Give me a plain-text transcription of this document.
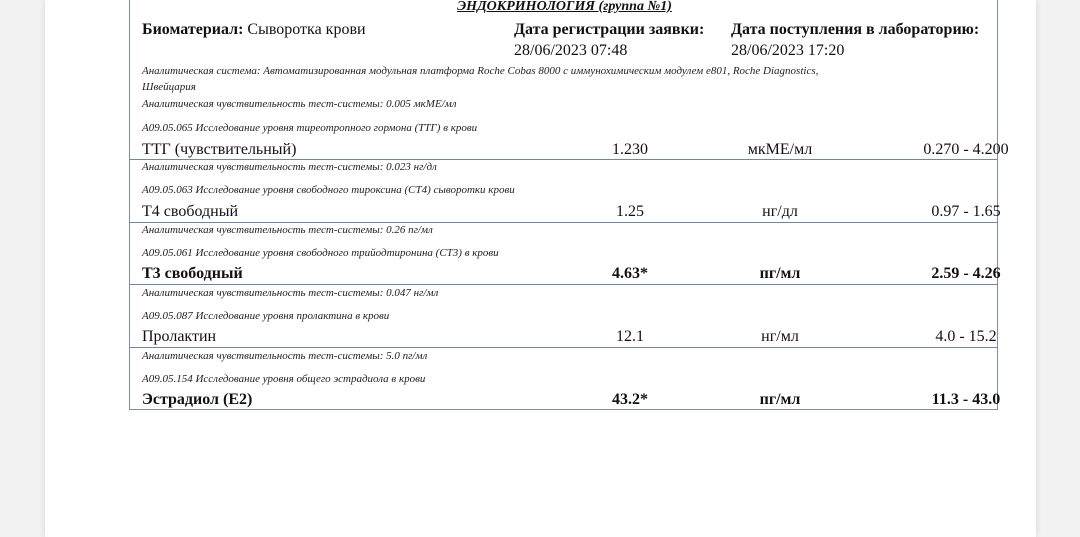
ЭНДОКРИНОЛОГИЯ (группа №1)
Биоматериал: Сыворотка крови	Дата регистрации заявки:
28/06/2023 07:48
Дата поступления в лабораторию:
28/06/2023 17:20
Аналитическая система: Автоматизированная модульная платформа Roche Cobas 8000 с иммунохимическим модулем e801, Roche Diagnostics,
Швейцария
Аналитическая чувствительность тест-системы: 0.005 мкМЕ/мл
A09.05.065 Исследование уровня тиреотропного гормона (ТТГ) в крови
ТТГ (чувствительный)	1.230	мкМЕ/мл	0.270 - 4.200
Аналитическая чувствительность тест-системы: 0.023 нг/дл
A09.05.063 Исследование уровня свободного тироксина (СТ4) сыворотки крови
Т4 свободный	1.25	нг/дл	0.97 - 1.65
Аналитическая чувствительность тест-системы: 0.26 пг/мл
A09.05.061 Исследование уровня свободного трийодтиронина (СТ3) в крови
Т3 свободный	4.63*	пг/мл	2.59 - 4.26
Аналитическая чувствительность тест-системы: 0.047 нг/мл
A09.05.087 Исследование уровня пролактина в крови
Пролактин	12.1	нг/мл	4.0 - 15.2
Аналитическая чувствительность тест-системы: 5.0 пг/мл
A09.05.154 Исследование уровня общего эстрадиола в крови
Эстрадиол (E2)	43.2*	пг/мл	11.3 - 43.0
